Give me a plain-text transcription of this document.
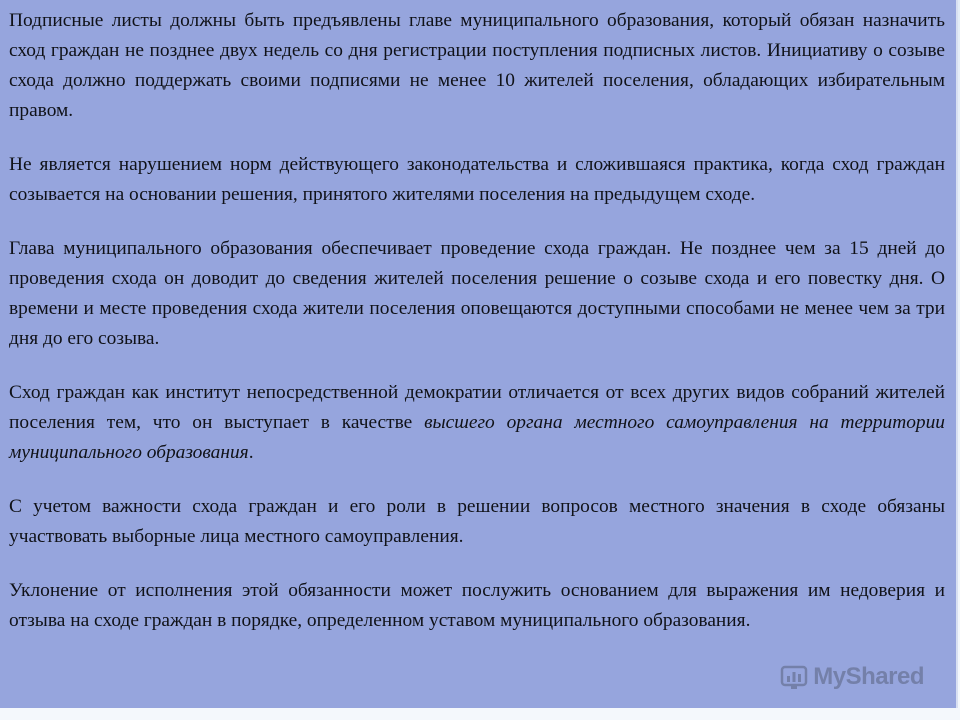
Подписные листы должны быть предъявлены главе муниципального образования, который обязан назначить сход граждан не позднее двух недель со дня регистрации поступления подписных листов. Инициативу о созыве схода должно поддержать своими подписями не менее 10 жителей поселения, обладающих избирательным правом.

Не является нарушением норм действующего законодательства и сложившаяся практика, когда сход граждан созывается на основании решения, принятого жителями поселения на предыдущем сходе.

Глава муниципального образования обеспечивает проведение схода граждан. Не позднее чем за 15 дней до проведения схода он доводит до сведения жителей поселения решение о созыве схода и его повестку дня. О времени и месте проведения схода жители поселения оповещаются доступными способами не менее чем за три дня до его созыва.

Сход граждан как институт непосредственной демократии отличается от всех других видов собраний жителей поселения тем, что он выступает в качестве высшего органа местного самоуправления на территории муниципального образования.

С учетом важности схода граждан и его роли в решении вопросов местного значения в сходе обязаны участвовать выборные лица местного самоуправления.

Уклонение от исполнения этой обязанности может послужить основанием для выражения им недоверия и отзыва на сходе граждан в порядке, определенном уставом муниципального образования.

MyShared
